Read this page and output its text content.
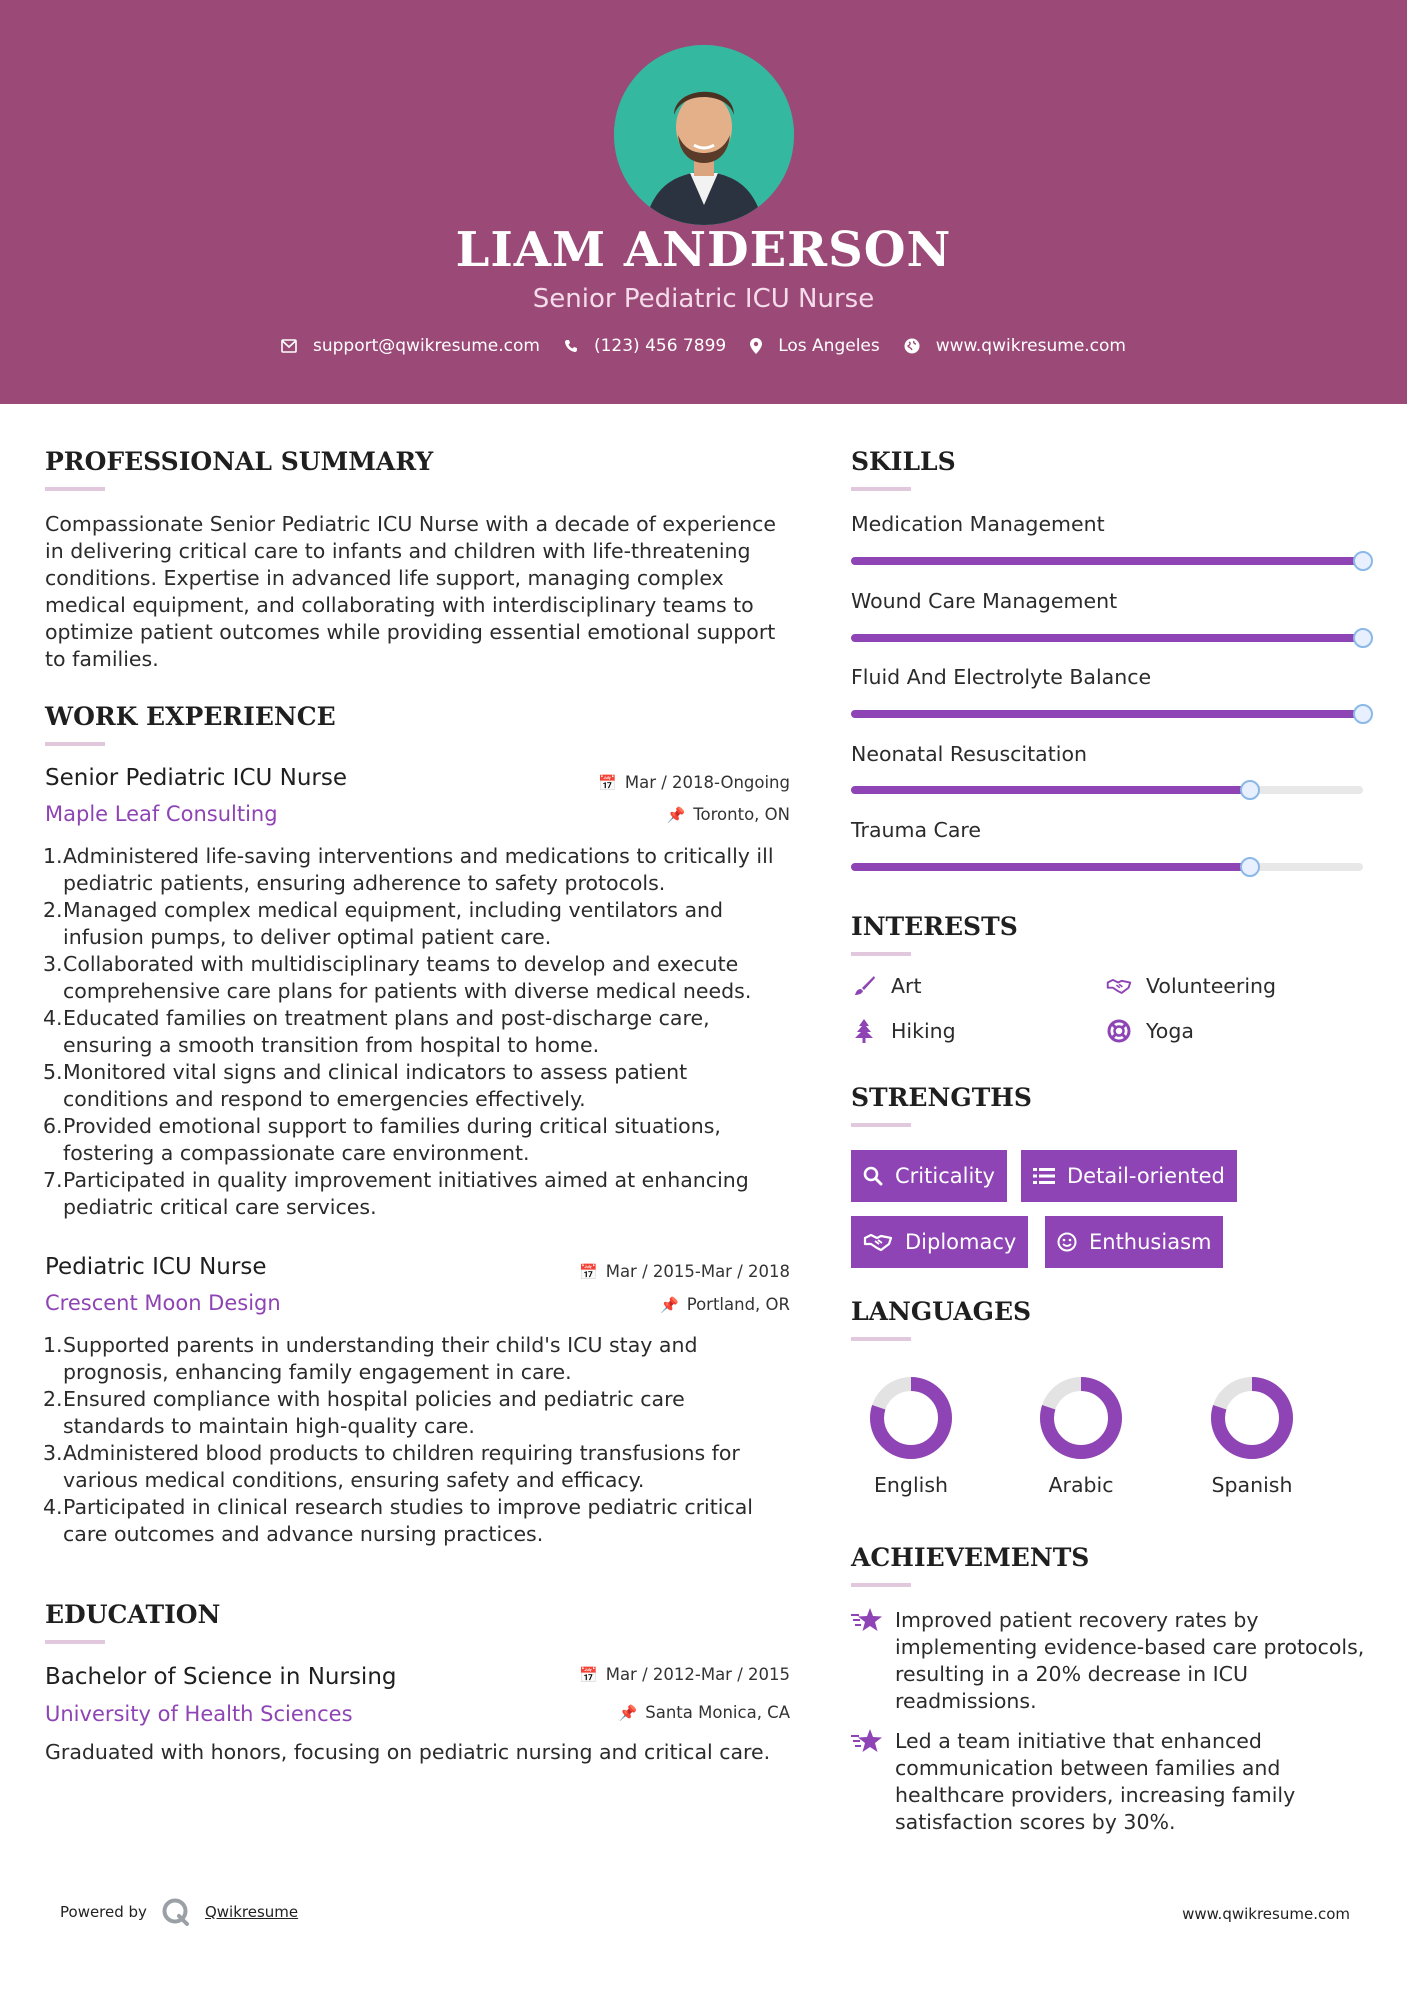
LIAM ANDERSON
Senior Pediatric ICU Nurse
support@qwikresume.com	(123) 456 7899	Los Angeles	www.qwikresume.com
PROFESSIONAL SUMMARY
Compassionate Senior Pediatric ICU Nurse with a decade of experience in delivering critical care to infants and children with life-threatening conditions. Expertise in advanced life support, managing complex medical equipment, and collaborating with interdisciplinary teams to optimize patient outcomes while providing essential emotional support to families.
WORK EXPERIENCE
Senior Pediatric ICU Nurse	📅 Mar / 2018-Ongoing
Maple Leaf Consulting	📌 Toronto, ON
1. Administered life-saving interventions and medications to critically ill pediatric patients, ensuring adherence to safety protocols.
2. Managed complex medical equipment, including ventilators and infusion pumps, to deliver optimal patient care.
3. Collaborated with multidisciplinary teams to develop and execute comprehensive care plans for patients with diverse medical needs.
4. Educated families on treatment plans and post-discharge care, ensuring a smooth transition from hospital to home.
5. Monitored vital signs and clinical indicators to assess patient conditions and respond to emergencies effectively.
6. Provided emotional support to families during critical situations, fostering a compassionate care environment.
7. Participated in quality improvement initiatives aimed at enhancing pediatric critical care services.
Pediatric ICU Nurse	📅 Mar / 2015-Mar / 2018
Crescent Moon Design	📌 Portland, OR
1. Supported parents in understanding their child's ICU stay and prognosis, enhancing family engagement in care.
2. Ensured compliance with hospital policies and pediatric care standards to maintain high-quality care.
3. Administered blood products to children requiring transfusions for various medical conditions, ensuring safety and efficacy.
4. Participated in clinical research studies to improve pediatric critical care outcomes and advance nursing practices.
EDUCATION
Bachelor of Science in Nursing	📅 Mar / 2012-Mar / 2015
University of Health Sciences	📌 Santa Monica, CA
Graduated with honors, focusing on pediatric nursing and critical care.
SKILLS
Medication Management
Wound Care Management
Fluid And Electrolyte Balance
Neonatal Resuscitation
Trauma Care
INTERESTS
Art	Volunteering
Hiking	Yoga
STRENGTHS
Criticality	Detail-oriented
Diplomacy	Enthusiasm
LANGUAGES
English	Arabic	Spanish
ACHIEVEMENTS
Improved patient recovery rates by implementing evidence-based care protocols, resulting in a 20% decrease in ICU readmissions.
Led a team initiative that enhanced communication between families and healthcare providers, increasing family satisfaction scores by 30%.
Powered by	Qwikresume	www.qwikresume.com
